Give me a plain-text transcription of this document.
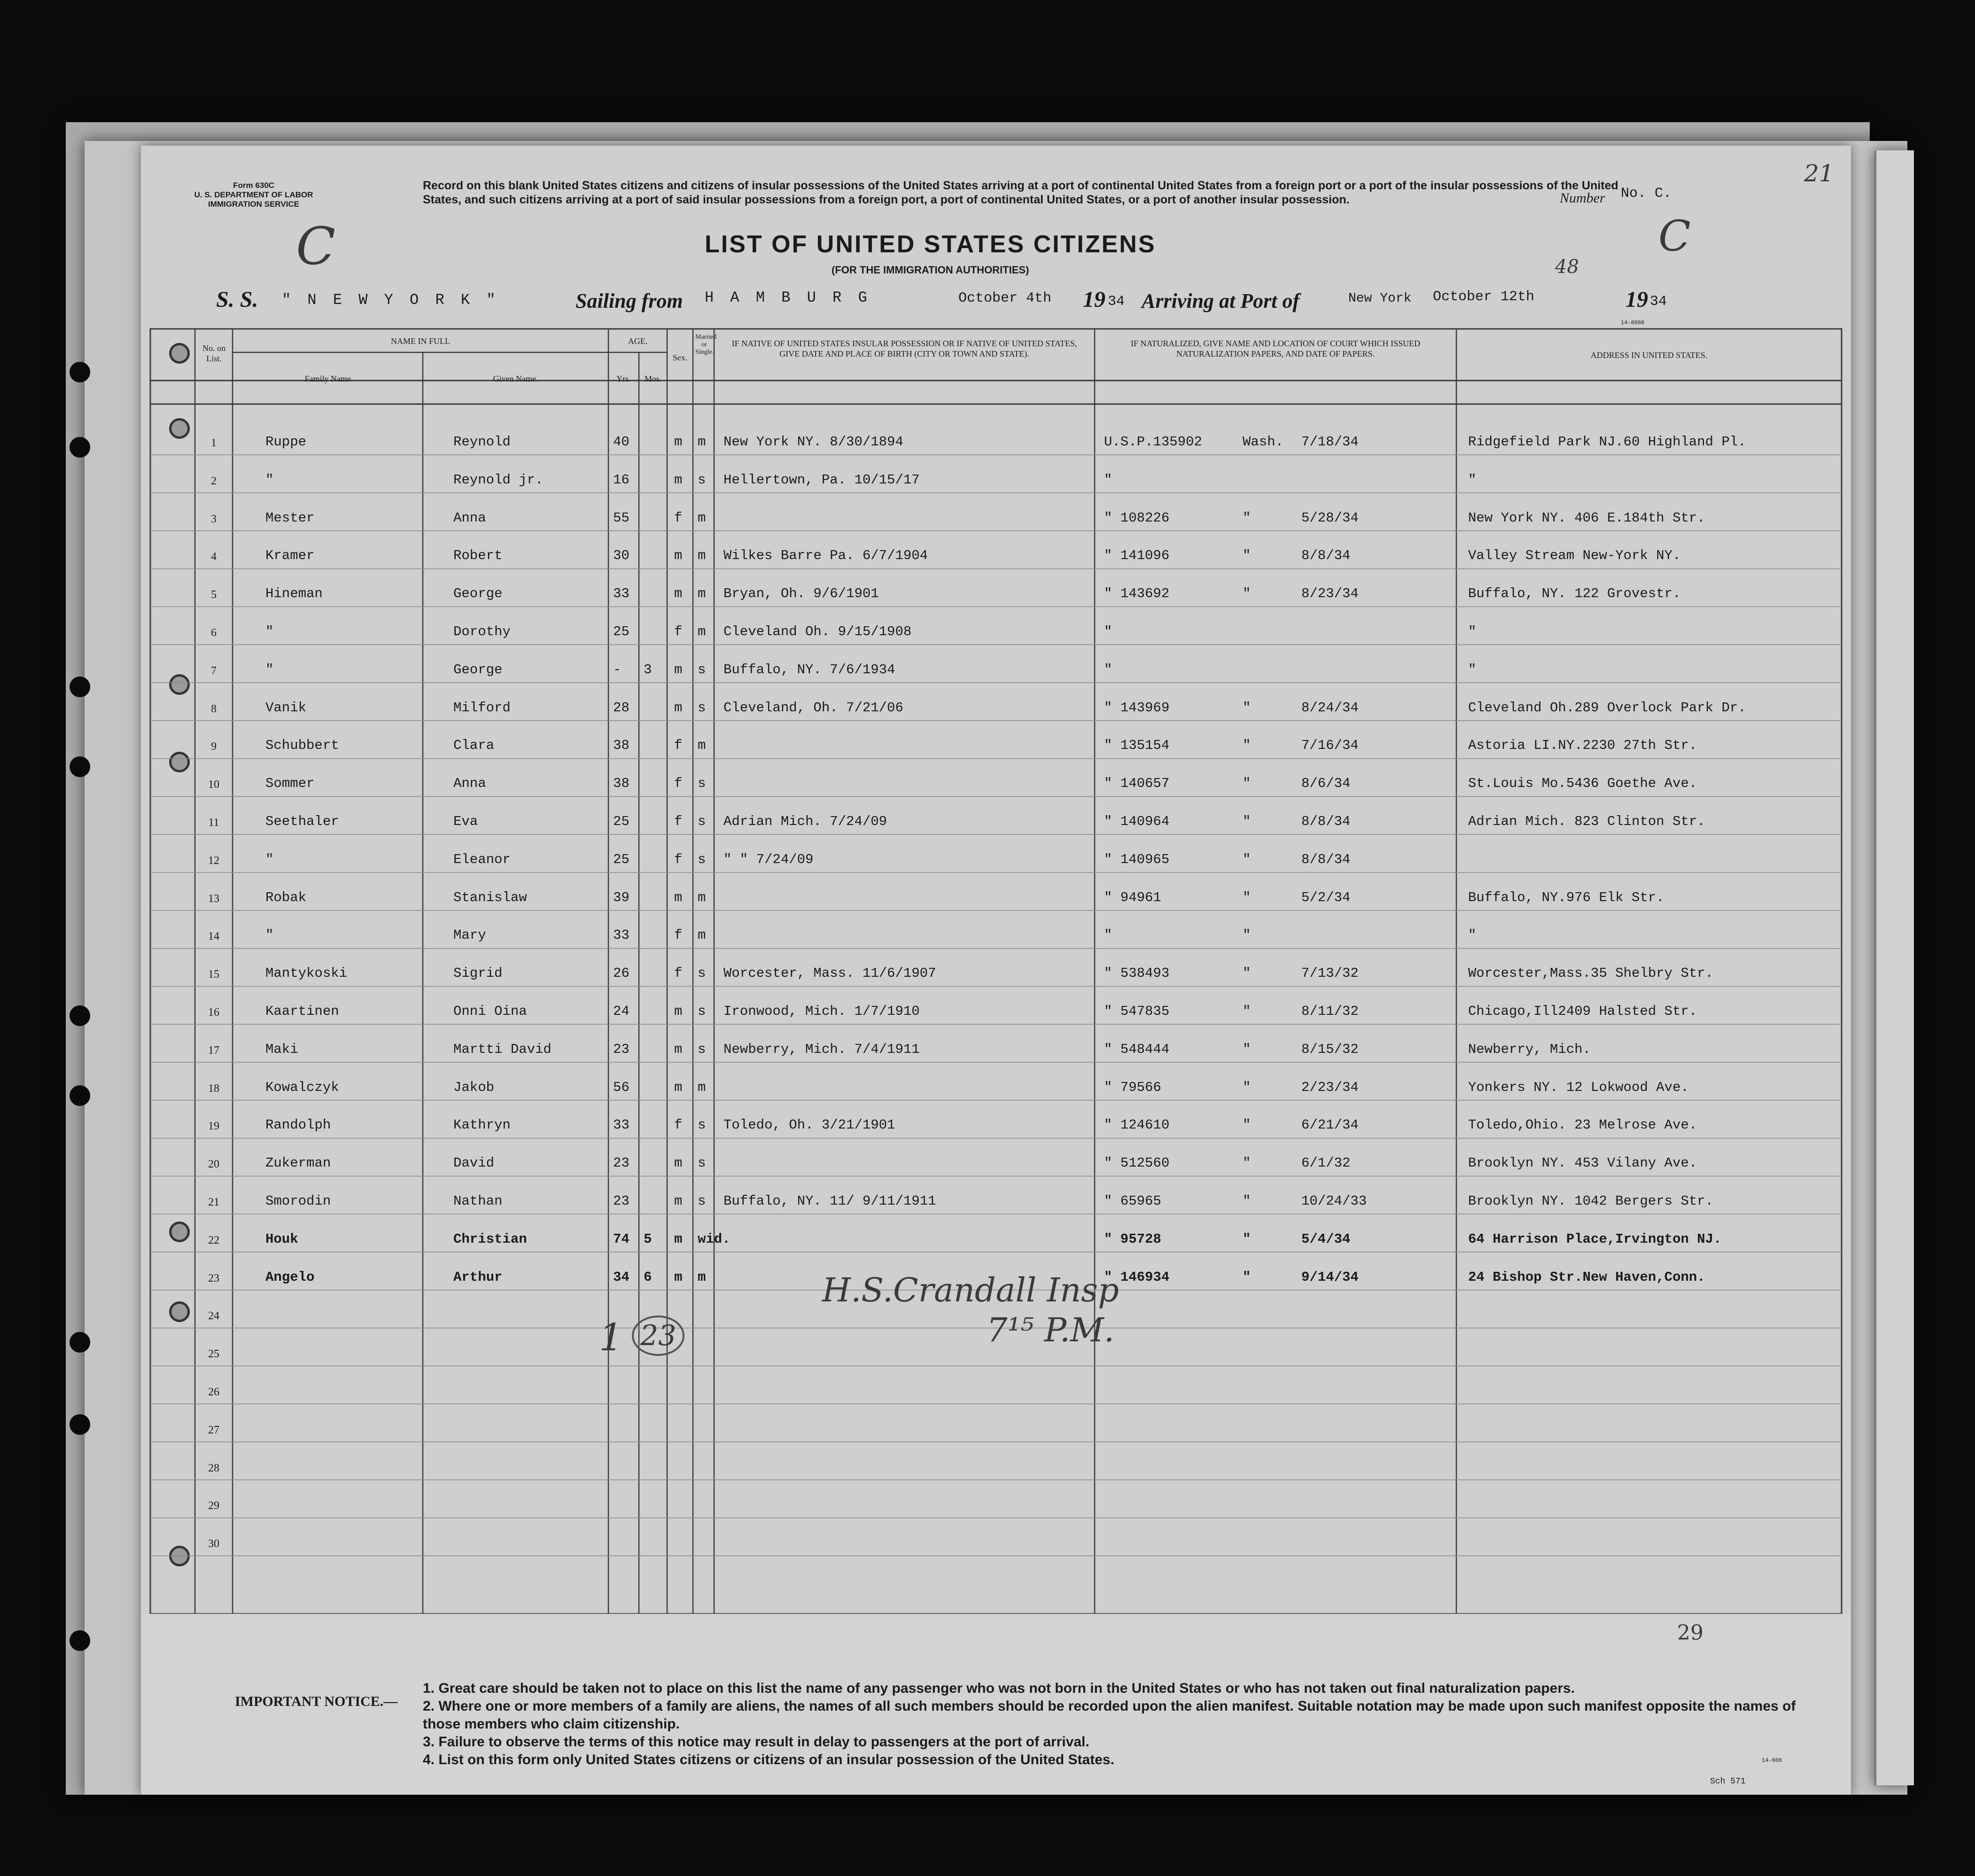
Form 630C
U. S. DEPARTMENT OF LABOR
IMMIGRATION SERVICE
C
Record on this blank United States citizens and citizens of insular possessions of the United States arriving at a port of continental United States from a foreign port or a port of the insular possessions of the United States, and such citizens arriving at a port of said insular possessions from a foreign port, a port of continental United States, or a port of another insular possession.	Number No. C.
C
21
LIST OF UNITED STATES CITIZENS
(FOR THE IMMIGRATION AUTHORITIES)	48
14-6086
S. S. " N E W Y O R K "	Sailing from H A M B U R G	October 4th 19 34 Arriving at Port of	New York October 12th	19 34
No. on List.
NAME IN FULL
Family Name.	Given Name.
AGE.
Yrs.	Mos.
Sex.
Married or Single.
IF NATIVE OF UNITED STATES INSULAR POSSESSION OR IF NATIVE OF UNITED STATES, GIVE DATE AND PLACE OF BIRTH (CITY OR TOWN AND STATE).
IF NATURALIZED, GIVE NAME AND LOCATION OF COURT WHICH ISSUED NATURALIZATION PAPERS, AND DATE OF PAPERS.	ADDRESS IN UNITED STATES.
1	Ruppe	Reynold	40	m m New York NY. 8/30/1894	U.S.P.135902	Wash. 7/18/34	Ridgefield Park NJ.60 Highland Pl.
2	"	Reynold jr.	16	m s Hellertown, Pa. 10/15/17	"	"
3	Mester	Anna	55	f m	" 108226	"	5/28/34	New York NY. 406 E.184th Str.
4	Kramer	Robert	30	m m Wilkes Barre Pa. 6/7/1904	" 141096	"	8/8/34	Valley Stream New-York NY.
5	Hineman	George	33	m m Bryan, Oh. 9/6/1901	" 143692	"	8/23/34	Buffalo, NY. 122 Grovestr.
6	"	Dorothy	25	f m Cleveland Oh. 9/15/1908	"	"
7	"	George	- 3 m s Buffalo, NY. 7/6/1934	"	"
8	Vanik	Milford	28	m s Cleveland, Oh. 7/21/06	" 143969	"	8/24/34	Cleveland Oh.289 Overlock Park Dr.
9	Schubbert	Clara	38	f m	" 135154	"	7/16/34	Astoria LI.NY.2230 27th Str.
10	Sommer	Anna	38	f s	" 140657	"	8/6/34	St.Louis Mo.5436 Goethe Ave.
11	Seethaler	Eva	25	f s Adrian Mich. 7/24/09	" 140964	"	8/8/34	Adrian Mich. 823 Clinton Str.
12	"	Eleanor	25	f s " " 7/24/09	" 140965	"	8/8/34
13	Robak	Stanislaw	39	m m	" 94961	"	5/2/34	Buffalo, NY.976 Elk Str.
14	"	Mary	33	f m	"	"	"
15	Mantykoski	Sigrid	26	f s Worcester, Mass. 11/6/1907	" 538493	"	7/13/32	Worcester,Mass.35 Shelbry Str.
16	Kaartinen	Onni Oina	24	m s Ironwood, Mich. 1/7/1910	" 547835	"	8/11/32	Chicago,Ill2409 Halsted Str.
17	Maki	Martti David	23	m s Newberry, Mich. 7/4/1911	" 548444	"	8/15/32	Newberry, Mich.
18	Kowalczyk	Jakob	56	m m	" 79566	"	2/23/34	Yonkers NY. 12 Lokwood Ave.
19	Randolph	Kathryn	33	f s Toledo, Oh. 3/21/1901	" 124610	"	6/21/34	Toledo,Ohio. 23 Melrose Ave.
20	Zukerman	David	23	m s	" 512560	"	6/1/32	Brooklyn NY. 453 Vilany Ave.
21	Smorodin	Nathan	23	m s Buffalo, NY. 11/ 9/11/1911	" 65965	"	10/24/33	Brooklyn NY. 1042 Bergers Str.
22	Houk	Christian	74 5 m wid.	" 95728	"	5/4/34	64 Harrison Place,Irvington NJ.
23	Angelo	Arthur	34 6 m m	" 146934	"	9/14/34	24 Bishop Str.New Haven,Conn.
24
25
26
27
28
29
30
1 23
H.S.Crandall Insp
7¹⁵ P.M.
29
IMPORTANT NOTICE.—
1. Great care should be taken not to place on this list the name of any passenger who was not born in the United States or who has not taken out final naturalization papers.
2. Where one or more members of a family are aliens, the names of all such members should be recorded upon the alien manifest. Suitable notation may be made upon such manifest opposite the names of those members who claim citizenship.
3. Failure to observe the terms of this notice may result in delay to passengers at the port of arrival.
4. List on this form only United States citizens or citizens of an insular possession of the United States.	14-608
Sch 571
